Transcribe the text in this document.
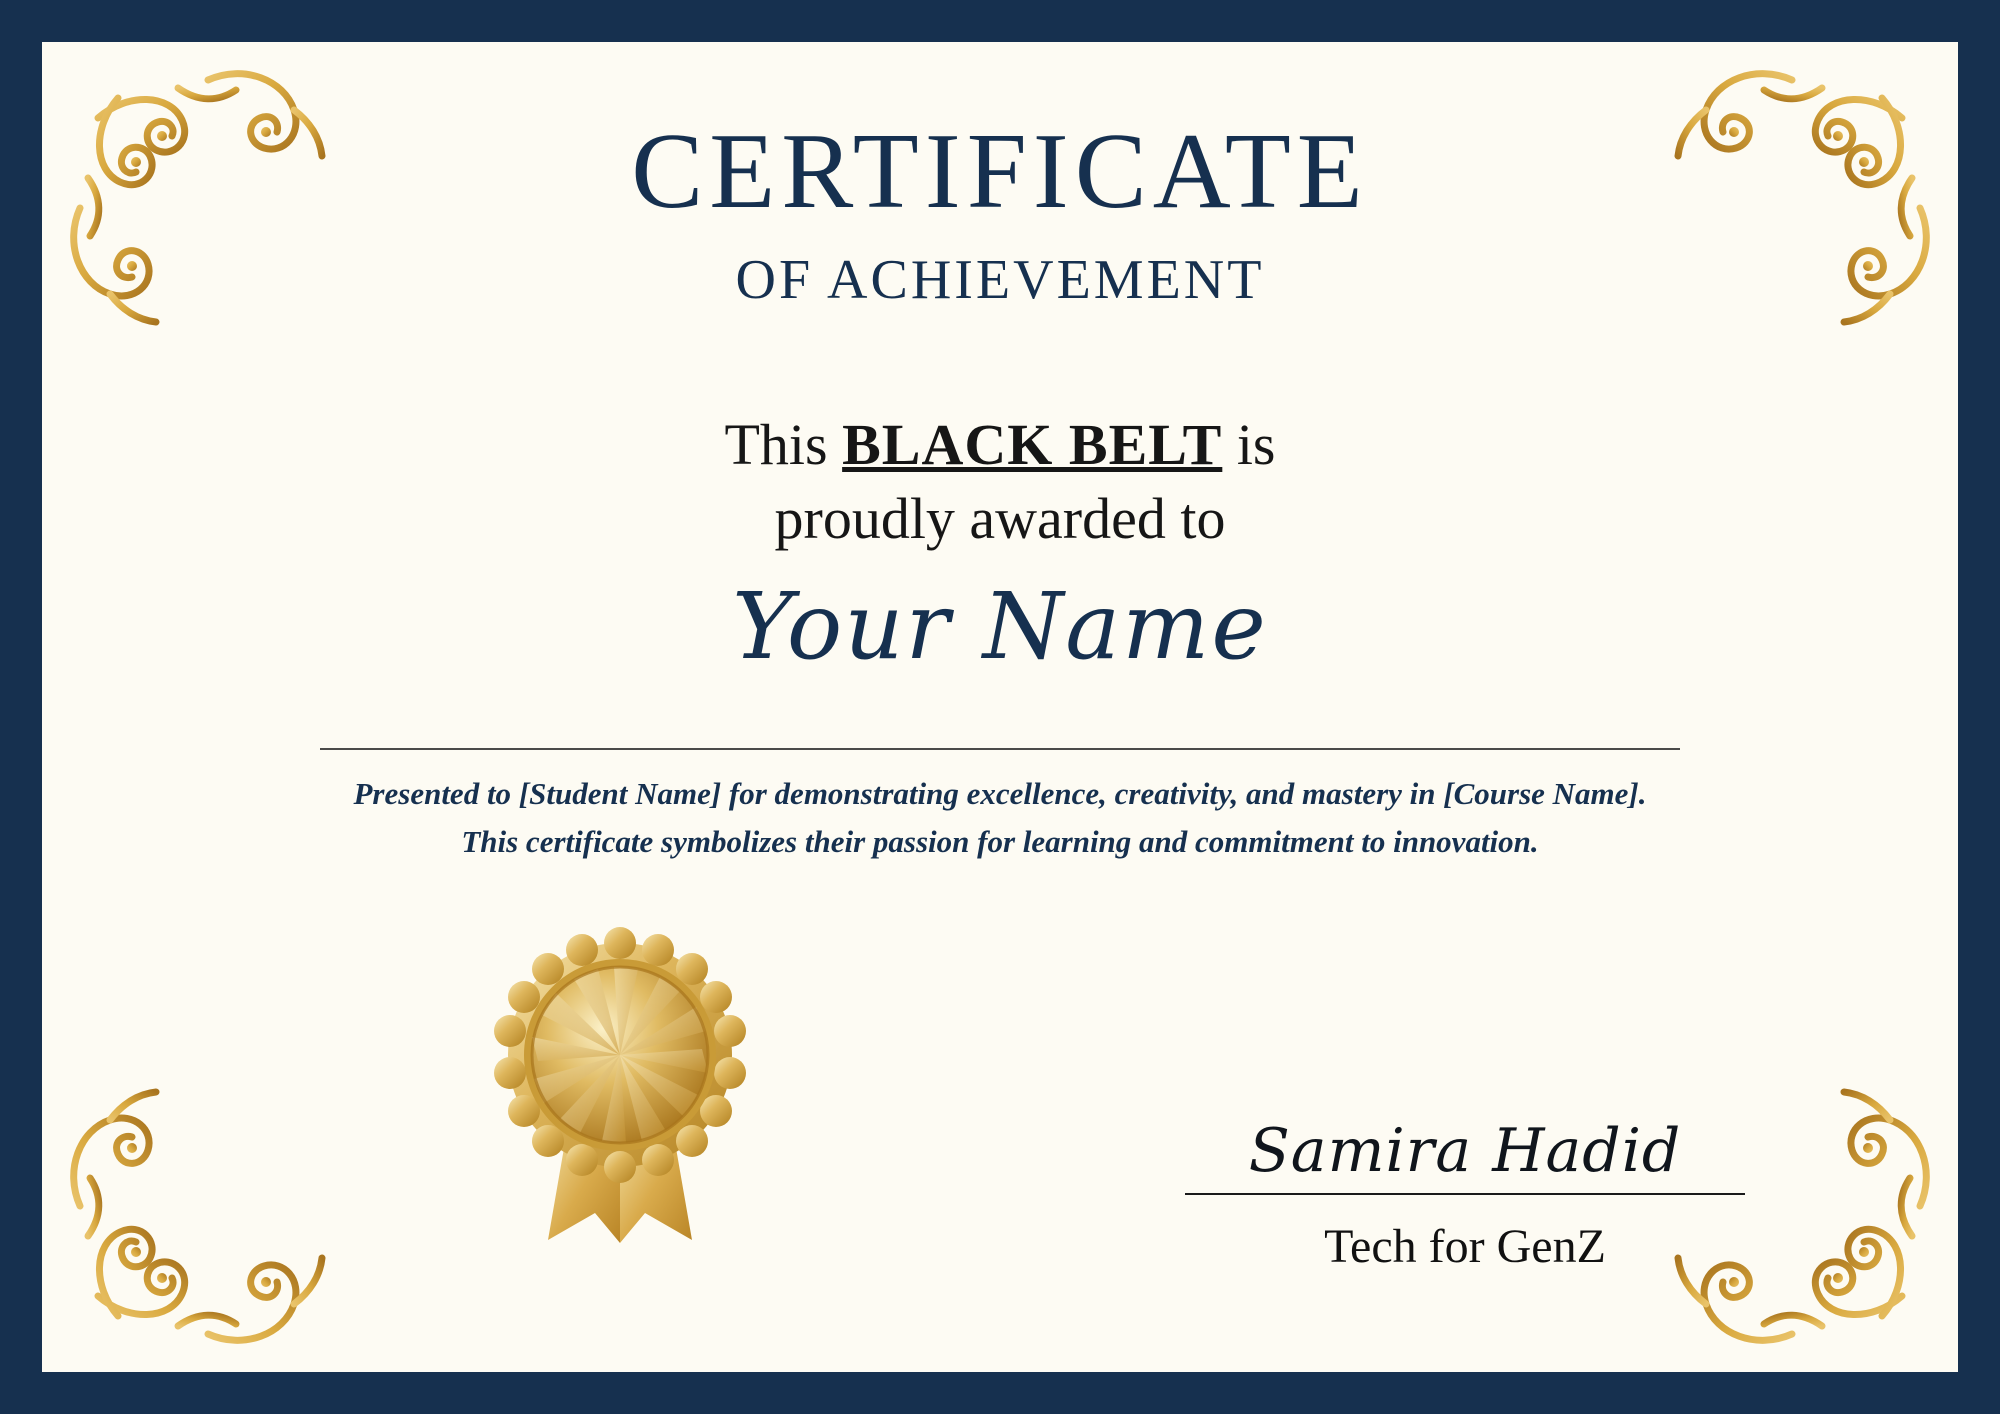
CERTIFICATE
OF ACHIEVEMENT
This BLACK BELT is
proudly awarded to
Your Name
Presented to [Student Name] for demonstrating excellence, creativity, and mastery in [Course Name]. This certificate symbolizes their passion for learning and commitment to innovation.
Samira Hadid
Tech for GenZ
